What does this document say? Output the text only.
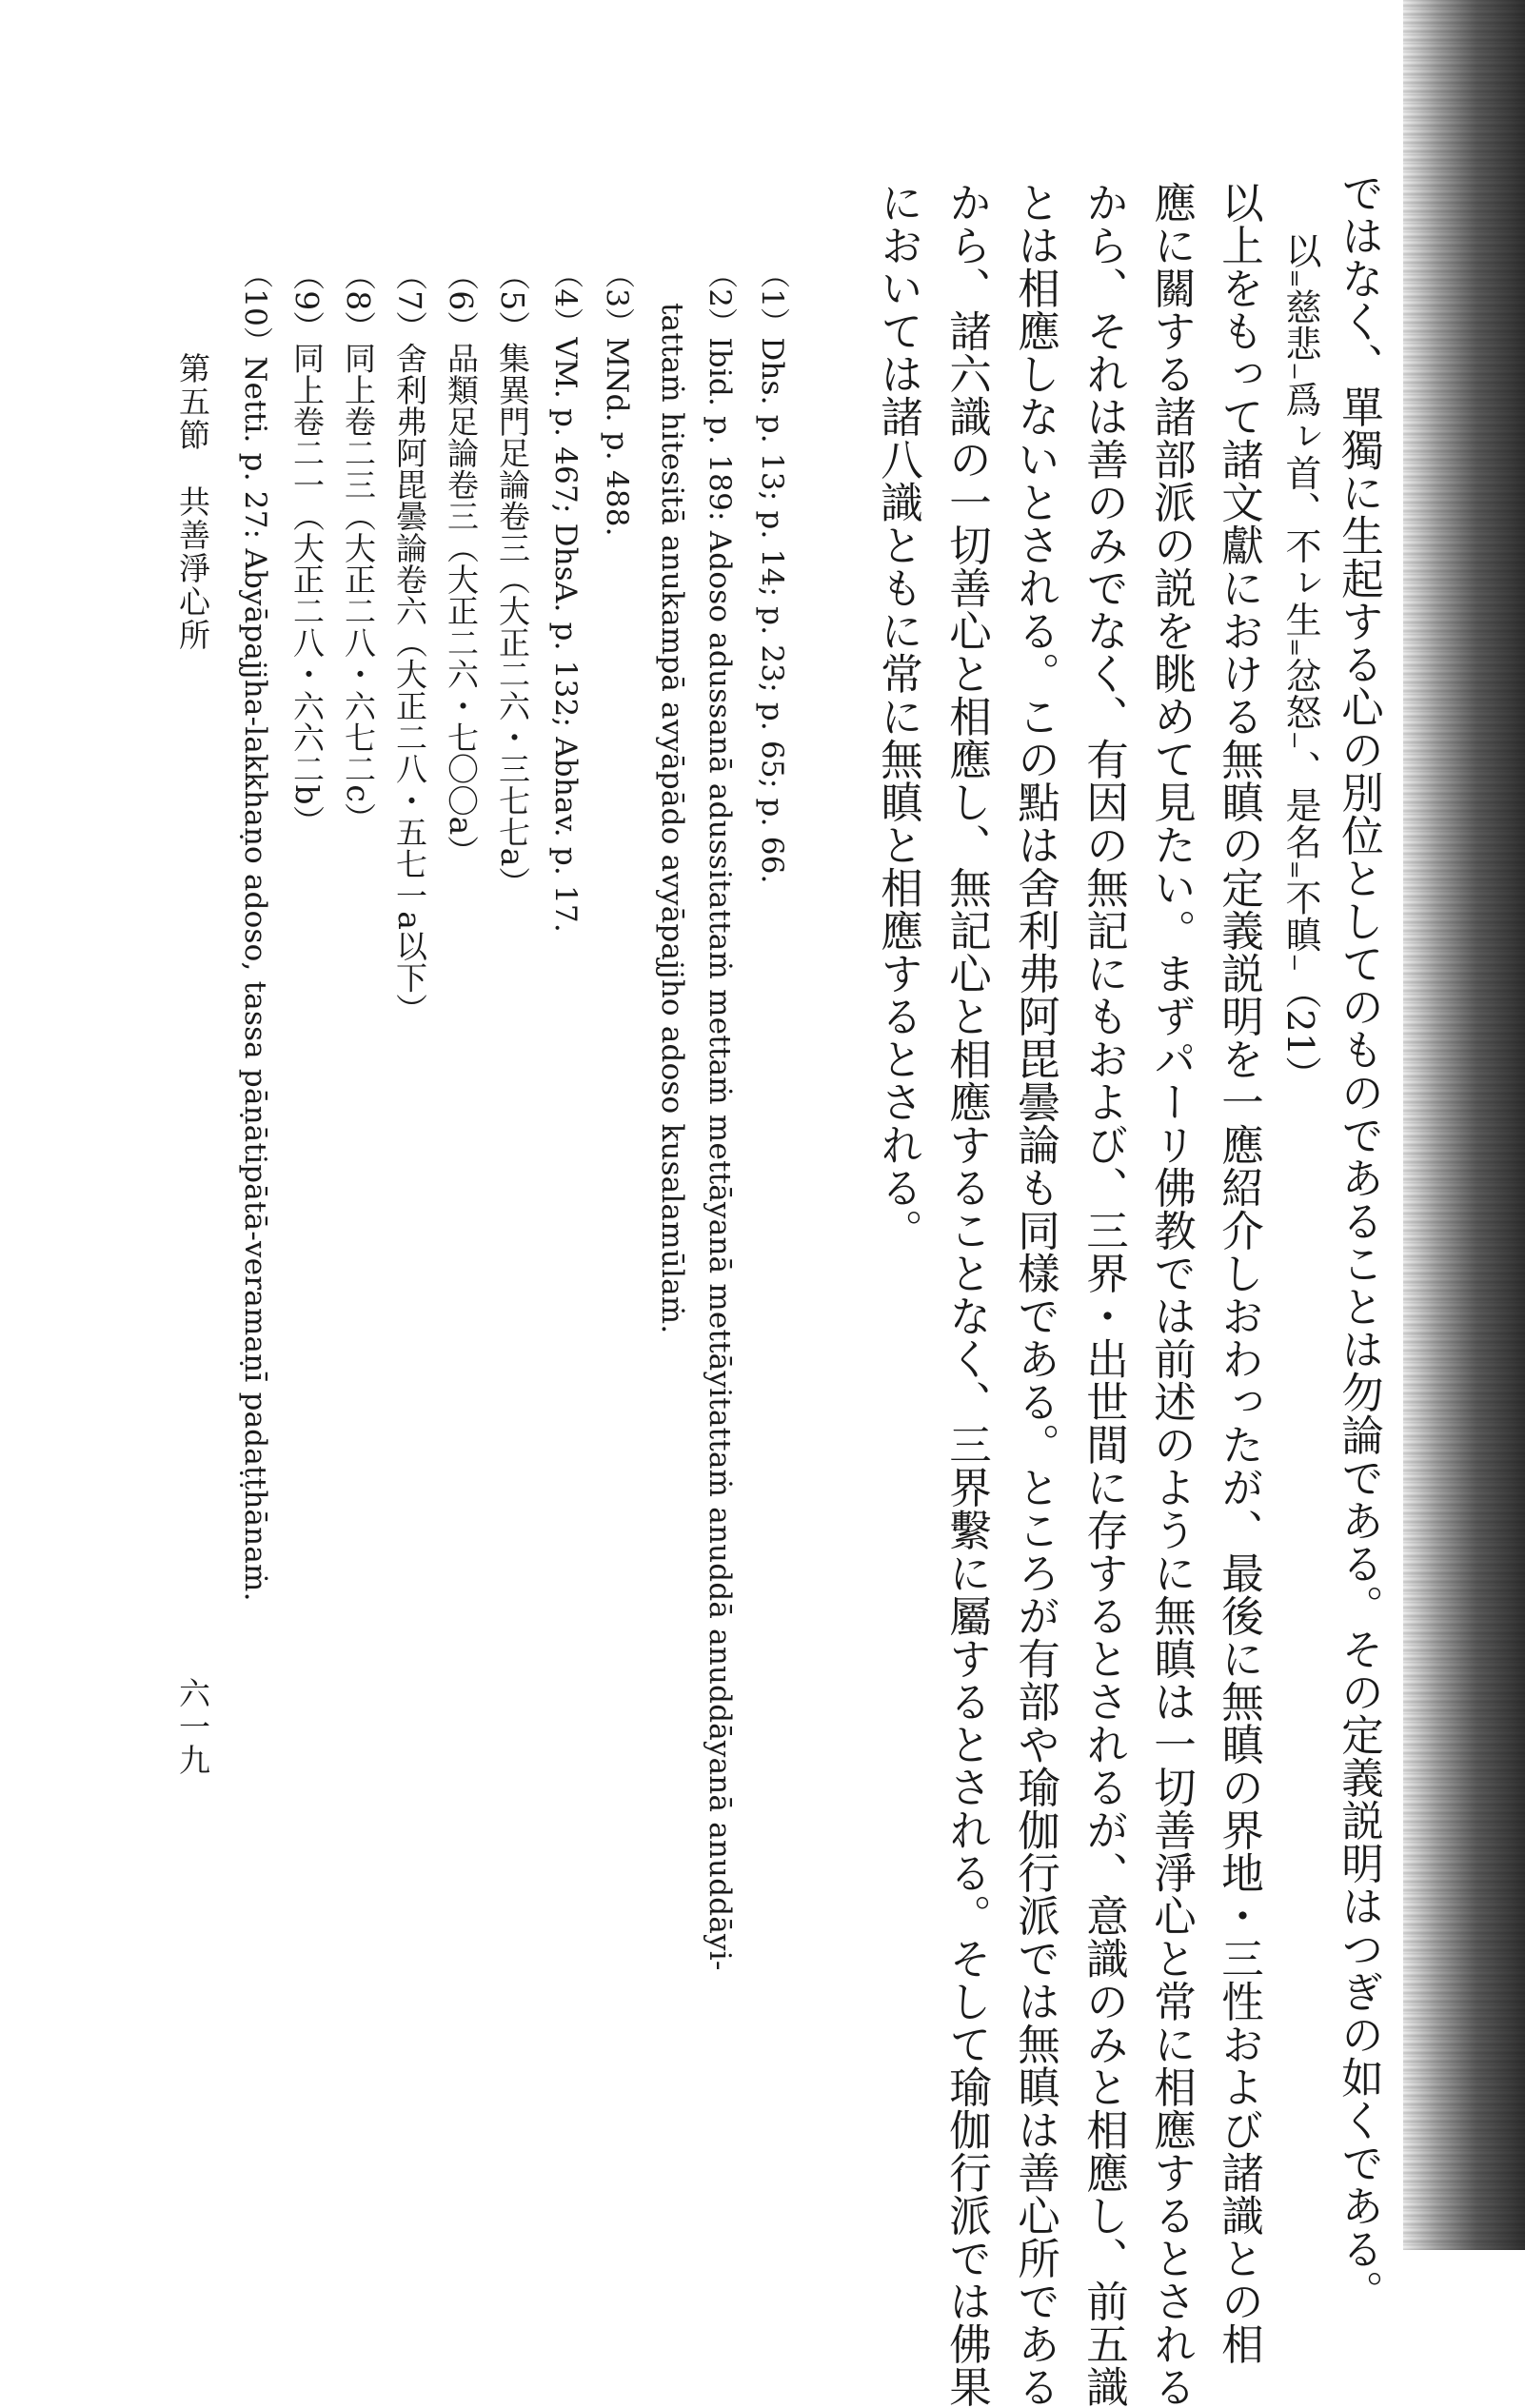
ではなく、單獨に生起する心の別位としてのものであることは勿論である。その定義説明はつぎの如くである。
以₌慈悲₋爲ㇾ首、不ㇾ生₌忿怒₋、是名₌不瞋₋（21）
以上をもって諸文獻における無瞋の定義説明を一應紹介しおわったが、最後に無瞋の界地・三性および諸識との相
應に關する諸部派の説を眺めて見たい。まずパーリ佛教では前述のように無瞋は一切善淨心と常に相應するとされる
から、それは善のみでなく、有因の無記にもおよび、三界・出世間に存するとされるが、意識のみと相應し、前五識
とは相應しないとされる。この點は舍利弗阿毘曇論も同樣である。ところが有部や瑜伽行派では無瞋は善心所である
から、諸六識の一切善心と相應し、無記心と相應することなく、三界繫に屬するとされる。そして瑜伽行派では佛果
においては諸八識ともに常に無瞋と相應するとされる。
（1）Dhs. p. 13; p. 14; p. 23; p. 65; p. 66.
（2）Ibid. p. 189: Adoso adussanā adussitattaṁ mettaṁ mettāyanā mettāyitattaṁ anuddā anuddāyanā anuddāyi-
tattaṁ hitesitā anukampā avyāpādo avyāpajjho adoso kusalamūlaṁ.
（3）MNd. p. 488.
（4）VM. p. 467; DhsA. p. 132; Abhav. p. 17.
（5）集異門足論卷三（大正二六・三七七a）
（6）品類足論卷三（大正二六・七〇〇a）
（7）舍利弗阿毘曇論卷六（大正二八・五七一a以下）
（8）同上卷二三（大正二八・六七二c）
（9）同上卷二一（大正二八・六六二b）
（10）Netti. p. 27: Abyāpajjha-lakkhaṇo adoso, tassa pāṇātipātā-veramaṇī padaṭṭhānaṁ.
第五節　共善淨心所
六一九
